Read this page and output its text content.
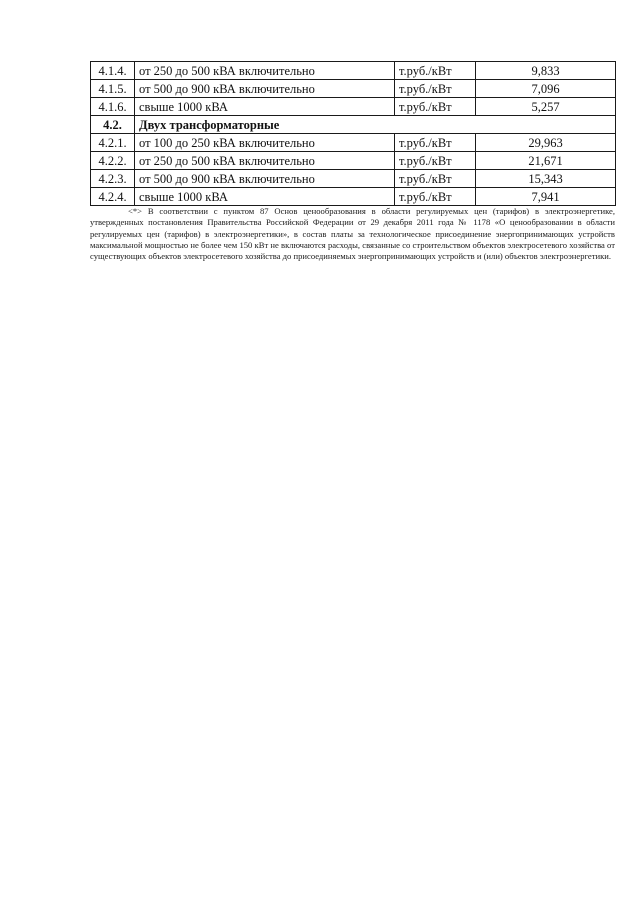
4.1.4.	от 250 до 500 кВА включительно	т.руб./кВт	9,833
4.1.5.	от 500 до 900 кВА включительно	т.руб./кВт	7,096
4.1.6.	свыше 1000 кВА	т.руб./кВт	5,257
4.2.	Двух трансформаторные		
4.2.1.	от 100 до 250 кВА включительно	т.руб./кВт	29,963
4.2.2.	от 250 до 500 кВА включительно	т.руб./кВт	21,671
4.2.3.	от 500 до 900 кВА включительно	т.руб./кВт	15,343
4.2.4.	свыше 1000 кВА	т.руб./кВт	7,941
<*> В соответствии с пунктом 87 Основ ценообразования в области регулируемых цен (тарифов) в электроэнергетике, утвержденных постановления Правительства Российской Федерации от 29 декабря 2011 года № 1178 «О ценообразовании в области регулируемых цен (тарифов) в электроэнергетики», в состав платы за технологическое присоединение энергопринимающих устройств максимальной мощностью не более чем 150 кВт не включаются расходы, связанные со строительством объектов электросетевого хозяйства от существующих объектов электросетевого хозяйства до присоединяемых энергопринимающих устройств и (или) объектов электроэнергетики.
